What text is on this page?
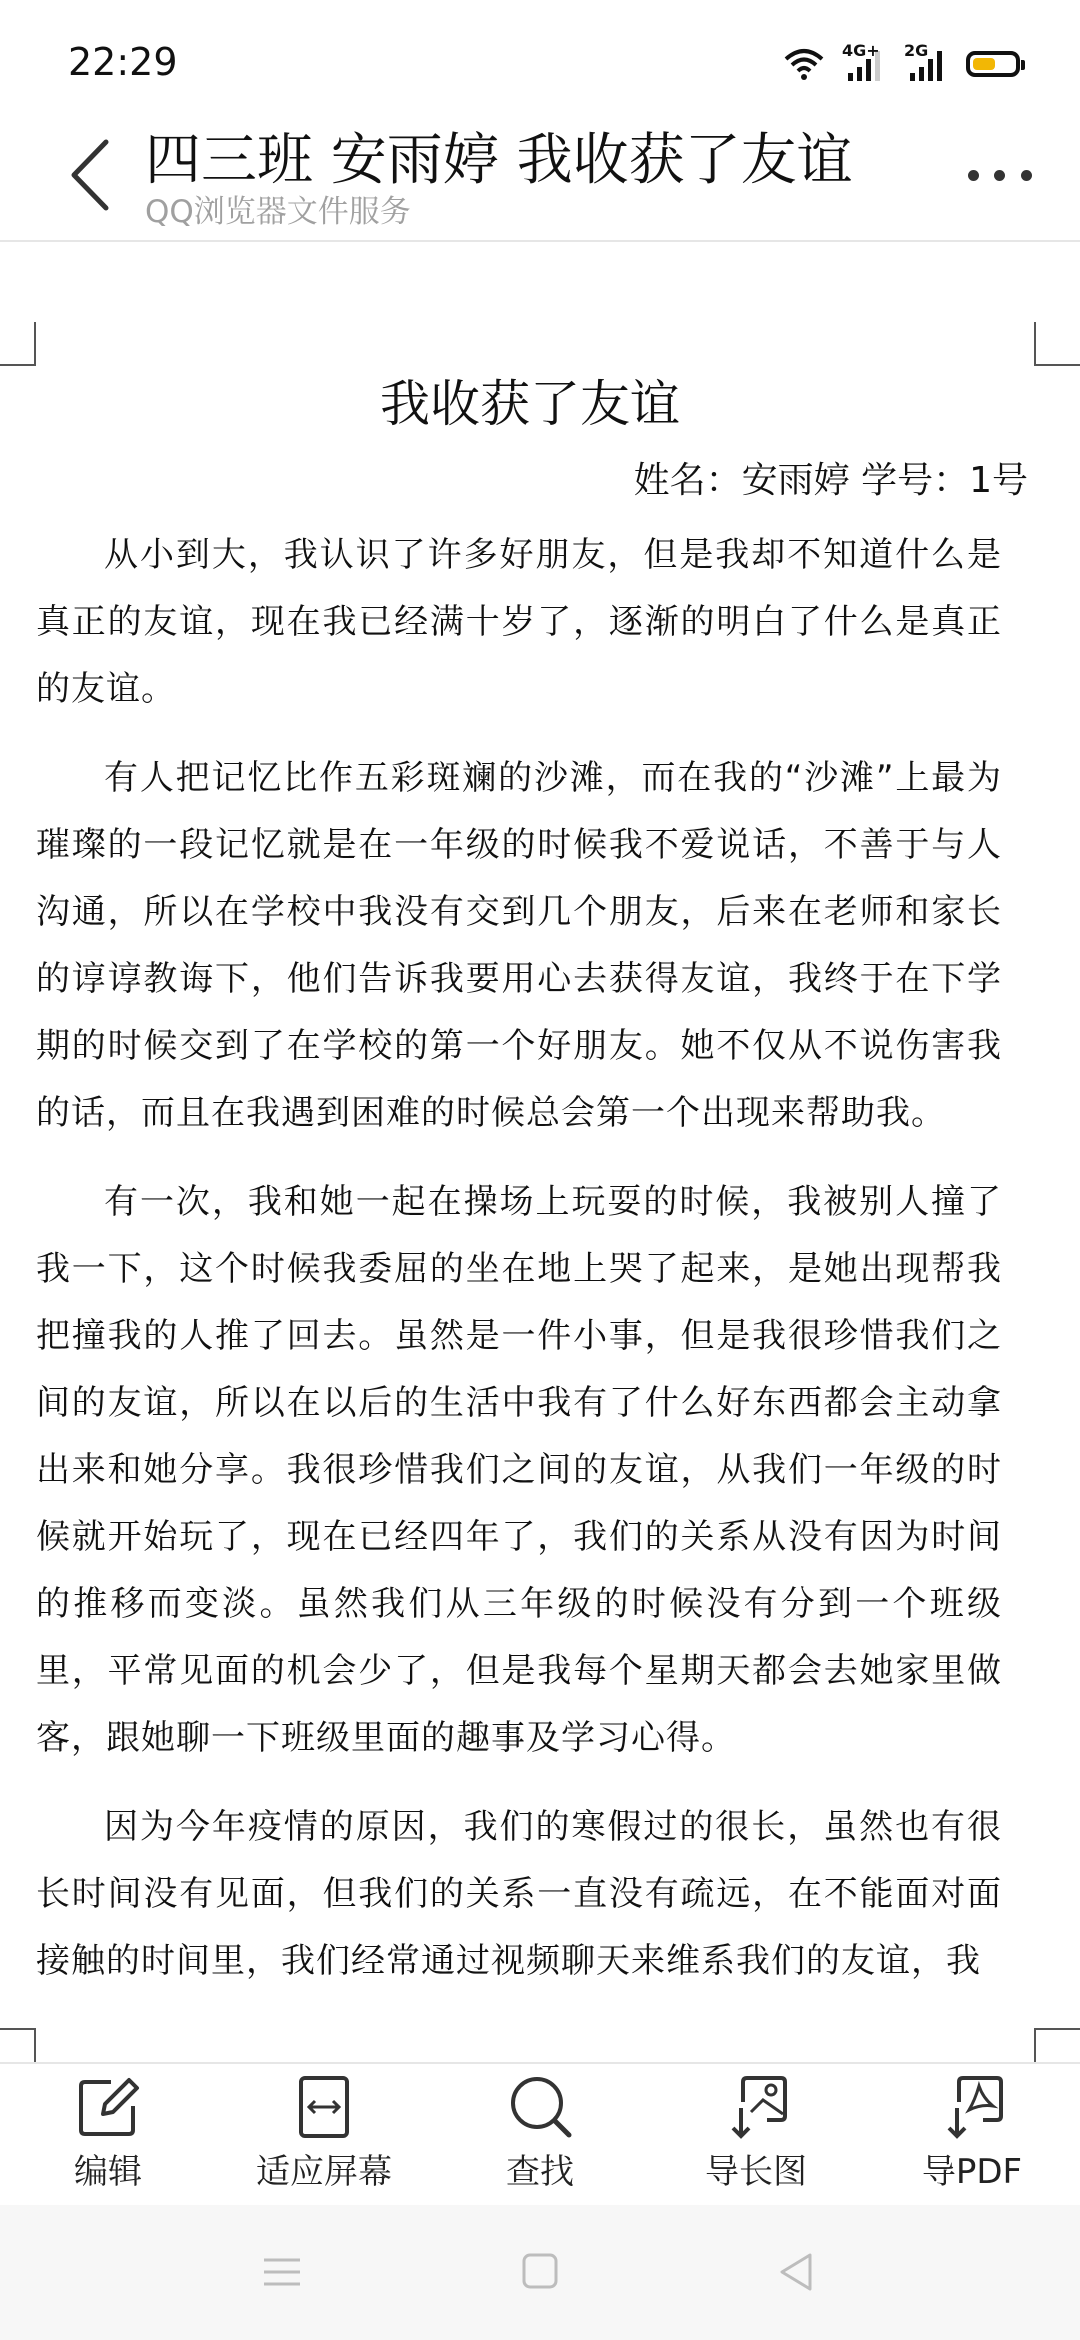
22:29	4G+ 2G
四三班 安雨婷 我收获了友谊
QQ浏览器文件服务
我收获了友谊
姓名：安雨婷 学号：1号

从小到大，我认识了许多好朋友，但是我却不知道什么是真正的友谊，现在我已经满十岁了，逐渐的明白了什么是真正的友谊。

有人把记忆比作五彩斑斓的沙滩，而在我的“沙滩”上最为璀璨的一段记忆就是在一年级的时候我不爱说话，不善于与人沟通，所以在学校中我没有交到几个朋友，后来在老师和家长的谆谆教诲下，他们告诉我要用心去获得友谊，我终于在下学期的时候交到了在学校的第一个好朋友。她不仅从不说伤害我的话，而且在我遇到困难的时候总会第一个出现来帮助我。

有一次，我和她一起在操场上玩耍的时候，我被别人撞了我一下，这个时候我委屈的坐在地上哭了起来，是她出现帮我把撞我的人推了回去。虽然是一件小事，但是我很珍惜我们之间的友谊，所以在以后的生活中我有了什么好东西都会主动拿出来和她分享。我很珍惜我们之间的友谊，从我们一年级的时候就开始玩了，现在已经四年了，我们的关系从没有因为时间的推移而变淡。虽然我们从三年级的时候没有分到一个班级里，平常见面的机会少了，但是我每个星期天都会去她家里做客，跟她聊一下班级里面的趣事及学习心得。

因为今年疫情的原因，我们的寒假过的很长，虽然也有很长时间没有见面，但我们的关系一直没有疏远，在不能面对面接触的时间里，我们经常通过视频聊天来维系我们的友谊，我

编辑	适应屏幕	查找	导长图	导PDF
